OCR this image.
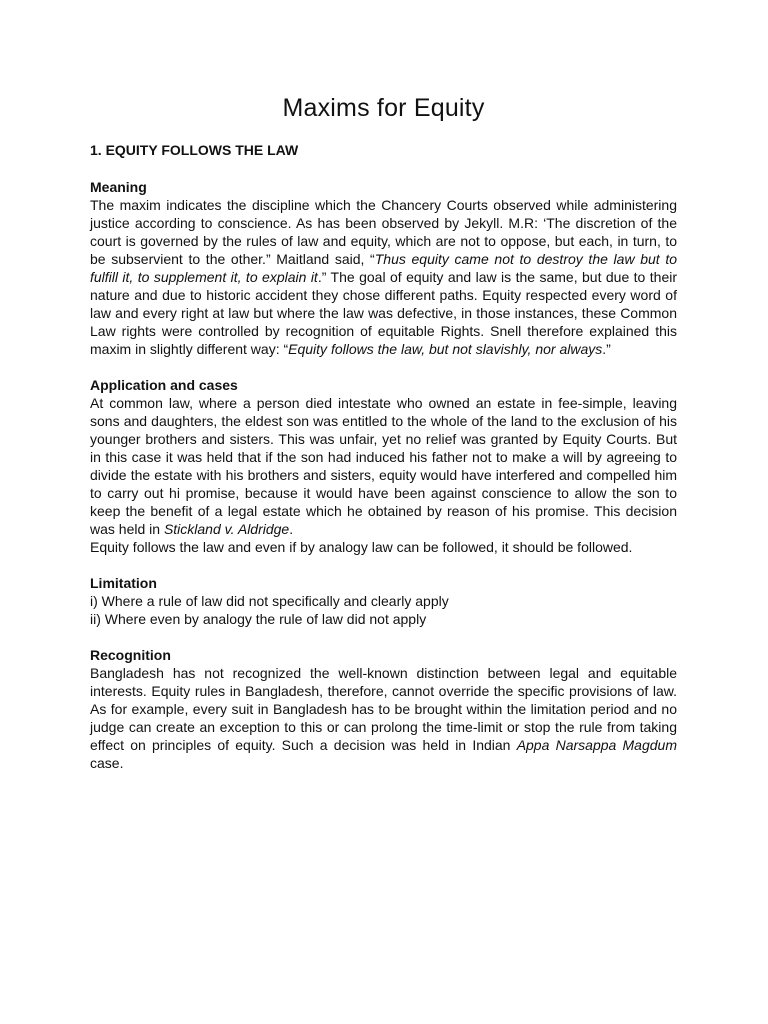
Maxims for Equity

1. EQUITY FOLLOWS THE LAW

Meaning

The maxim indicates the discipline which the Chancery Courts observed while administering justice according to conscience. As has been observed by Jekyll. M.R: ‘The discretion of the court is governed by the rules of law and equity, which are not to oppose, but each, in turn, to be subservient to the other.” Maitland said, “Thus equity came not to destroy the law but to fulfill it, to supplement it, to explain it.” The goal of equity and law is the same, but due to their nature and due to historic accident they chose different paths. Equity respected every word of law and every right at law but where the law was defective, in those instances, these Common Law rights were controlled by recognition of equitable Rights. Snell therefore explained this maxim in slightly different way: “Equity follows the law, but not slavishly, nor always.”

Application and cases

At common law, where a person died intestate who owned an estate in fee-simple, leaving sons and daughters, the eldest son was entitled to the whole of the land to the exclusion of his younger brothers and sisters. This was unfair, yet no relief was granted by Equity Courts. But in this case it was held that if the son had induced his father not to make a will by agreeing to divide the estate with his brothers and sisters, equity would have interfered and compelled him to carry out hi promise, because it would have been against conscience to allow the son to keep the benefit of a legal estate which he obtained by reason of his promise. This decision was held in Stickland v. Aldridge.

Equity follows the law and even if by analogy law can be followed, it should be followed.

Limitation

i) Where a rule of law did not specifically and clearly apply

ii) Where even by analogy the rule of law did not apply

Recognition

Bangladesh has not recognized the well-known distinction between legal and equitable interests. Equity rules in Bangladesh, therefore, cannot override the specific provisions of law. As for example, every suit in Bangladesh has to be brought within the limitation period and no judge can create an exception to this or can prolong the time-limit or stop the rule from taking effect on principles of equity. Such a decision was held in Indian Appa Narsappa Magdum case.
